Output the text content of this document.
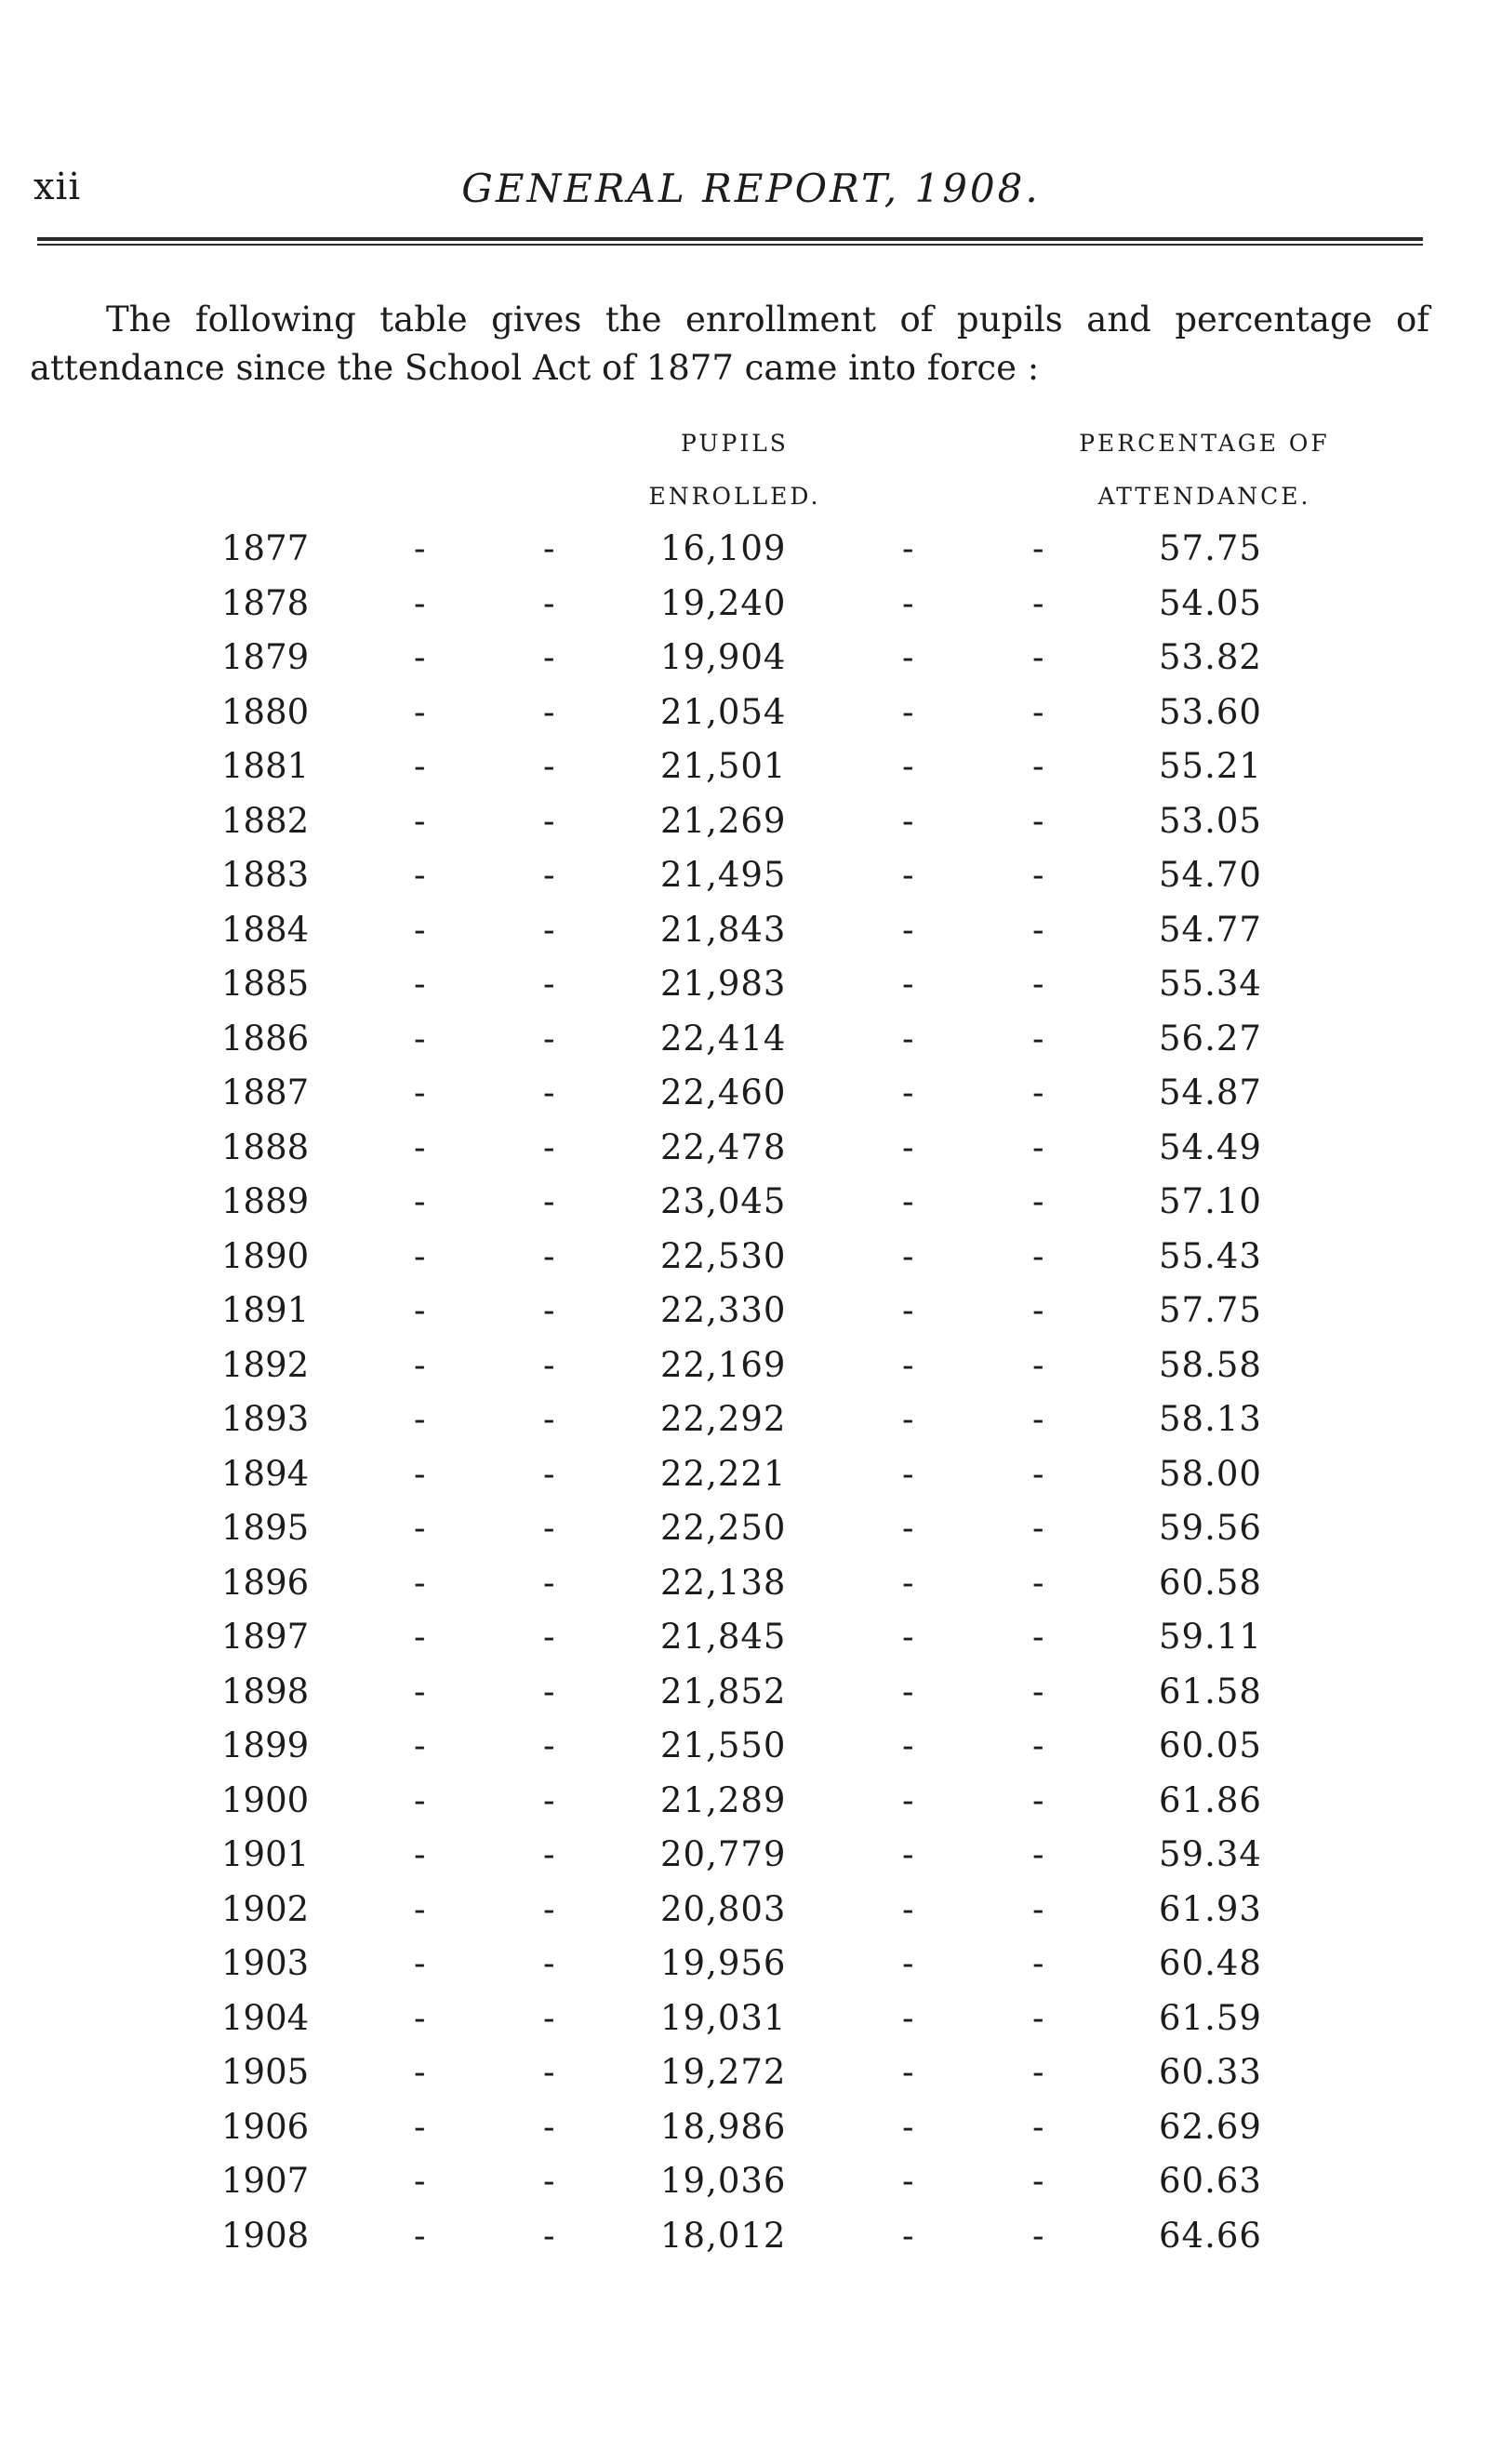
xii	GENERAL REPORT, 1908.

The following table gives the enrollment of pupils and percentage of attendance since the School Act of 1877 came into force :

PUPILS
ENROLLED.
PERCENTAGE OF
ATTENDANCE.
1877	-	-	16,109	-	-	57.75
1878	-	-	19,240	-	-	54.05
1879	-	-	19,904	-	-	53.82
1880	-	-	21,054	-	-	53.60
1881	-	-	21,501	-	-	55.21
1882	-	-	21,269	-	-	53.05
1883	-	-	21,495	-	-	54.70
1884	-	-	21,843	-	-	54.77
1885	-	-	21,983	-	-	55.34
1886	-	-	22,414	-	-	56.27
1887	-	-	22,460	-	-	54.87
1888	-	-	22,478	-	-	54.49
1889	-	-	23,045	-	-	57.10
1890	-	-	22,530	-	-	55.43
1891	-	-	22,330	-	-	57.75
1892	-	-	22,169	-	-	58.58
1893	-	-	22,292	-	-	58.13
1894	-	-	22,221	-	-	58.00
1895	-	-	22,250	-	-	59.56
1896	-	-	22,138	-	-	60.58
1897	-	-	21,845	-	-	59.11
1898	-	-	21,852	-	-	61.58
1899	-	-	21,550	-	-	60.05
1900	-	-	21,289	-	-	61.86
1901	-	-	20,779	-	-	59.34
1902	-	-	20,803	-	-	61.93
1903	-	-	19,956	-	-	60.48
1904	-	-	19,031	-	-	61.59
1905	-	-	19,272	-	-	60.33
1906	-	-	18,986	-	-	62.69
1907	-	-	19,036	-	-	60.63
1908	-	-	18,012	-	-	64.66
